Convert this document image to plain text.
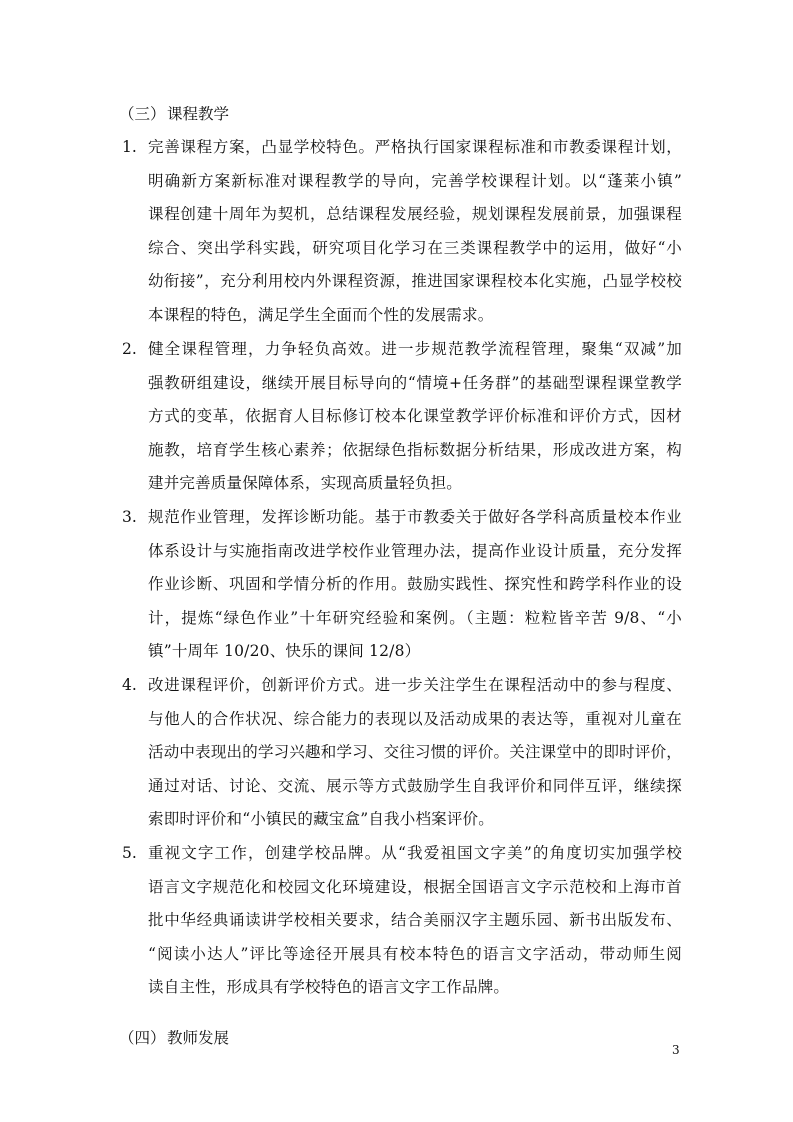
（三）课程教学
1. 完善课程方案，凸显学校特色。严格执行国家课程标准和市教委课程计划，
明确新方案新标准对课程教学的导向，完善学校课程计划。以“蓬莱小镇”
课程创建十周年为契机，总结课程发展经验，规划课程发展前景，加强课程
综合、突出学科实践，研究项目化学习在三类课程教学中的运用，做好“小
幼衔接”，充分利用校内外课程资源，推进国家课程校本化实施，凸显学校校
本课程的特色，满足学生全面而个性的发展需求。
2. 健全课程管理，力争轻负高效。进一步规范教学流程管理，聚集“双减”加
强教研组建设，继续开展目标导向的“情境+任务群”的基础型课程课堂教学
方式的变革，依据育人目标修订校本化课堂教学评价标准和评价方式，因材
施教，培育学生核心素养；依据绿色指标数据分析结果，形成改进方案，构
建并完善质量保障体系，实现高质量轻负担。
3. 规范作业管理，发挥诊断功能。基于市教委关于做好各学科高质量校本作业
体系设计与实施指南改进学校作业管理办法，提高作业设计质量，充分发挥
作业诊断、巩固和学情分析的作用。鼓励实践性、探究性和跨学科作业的设
计，提炼“绿色作业”十年研究经验和案例。（主题：粒粒皆辛苦 9/8、“小
镇”十周年 10/20、快乐的课间 12/8）
4. 改进课程评价，创新评价方式。进一步关注学生在课程活动中的参与程度、
与他人的合作状况、综合能力的表现以及活动成果的表达等，重视对儿童在
活动中表现出的学习兴趣和学习、交往习惯的评价。关注课堂中的即时评价，
通过对话、讨论、交流、展示等方式鼓励学生自我评价和同伴互评，继续探
索即时评价和“小镇民的藏宝盒”自我小档案评价。
5. 重视文字工作，创建学校品牌。从“我爱祖国文字美”的角度切实加强学校
语言文字规范化和校园文化环境建设，根据全国语言文字示范校和上海市首
批中华经典诵读讲学校相关要求，结合美丽汉字主题乐园、新书出版发布、
“阅读小达人”评比等途径开展具有校本特色的语言文字活动，带动师生阅
读自主性，形成具有学校特色的语言文字工作品牌。
（四）教师发展
3
